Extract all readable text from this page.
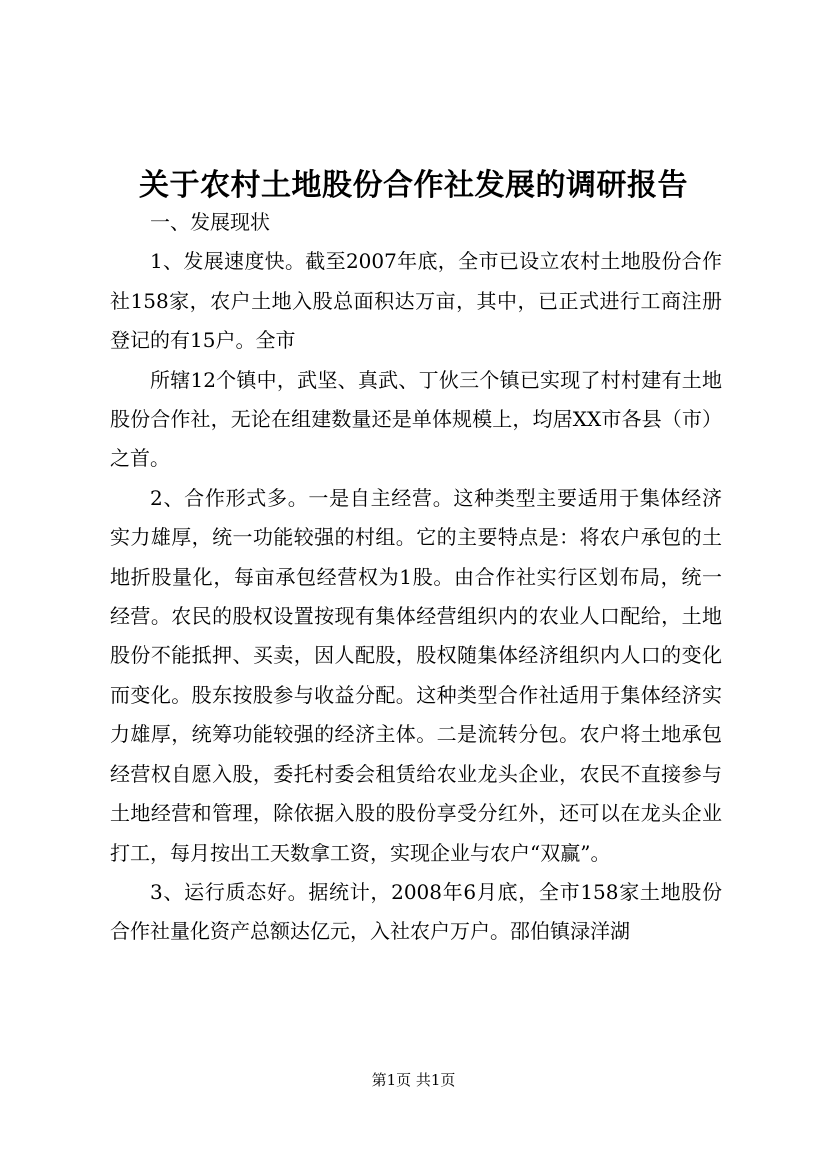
关于农村土地股份合作社发展的调研报告

一、发展现状

1、发展速度快。截至2007年底，全市已设立农村土地股份合作社158家，农户土地入股总面积达万亩，其中，已正式进行工商注册登记的有15户。全市

所辖12个镇中，武坚、真武、丁伙三个镇已实现了村村建有土地股份合作社，无论在组建数量还是单体规模上，均居XX市各县（市）之首。

2、合作形式多。一是自主经营。这种类型主要适用于集体经济实力雄厚，统一功能较强的村组。它的主要特点是：将农户承包的土地折股量化，每亩承包经营权为1股。由合作社实行区划布局，统一经营。农民的股权设置按现有集体经营组织内的农业人口配给，土地股份不能抵押、买卖，因人配股，股权随集体经济组织内人口的变化而变化。股东按股参与收益分配。这种类型合作社适用于集体经济实力雄厚，统筹功能较强的经济主体。二是流转分包。农户将土地承包经营权自愿入股，委托村委会租赁给农业龙头企业，农民不直接参与土地经营和管理，除依据入股的股份享受分红外，还可以在龙头企业打工，每月按出工天数拿工资，实现企业与农户“双赢”。

3、运行质态好。据统计，2008年6月底，全市158家土地股份合作社量化资产总额达亿元，入社农户万户。邵伯镇渌洋湖

第1页 共1页
